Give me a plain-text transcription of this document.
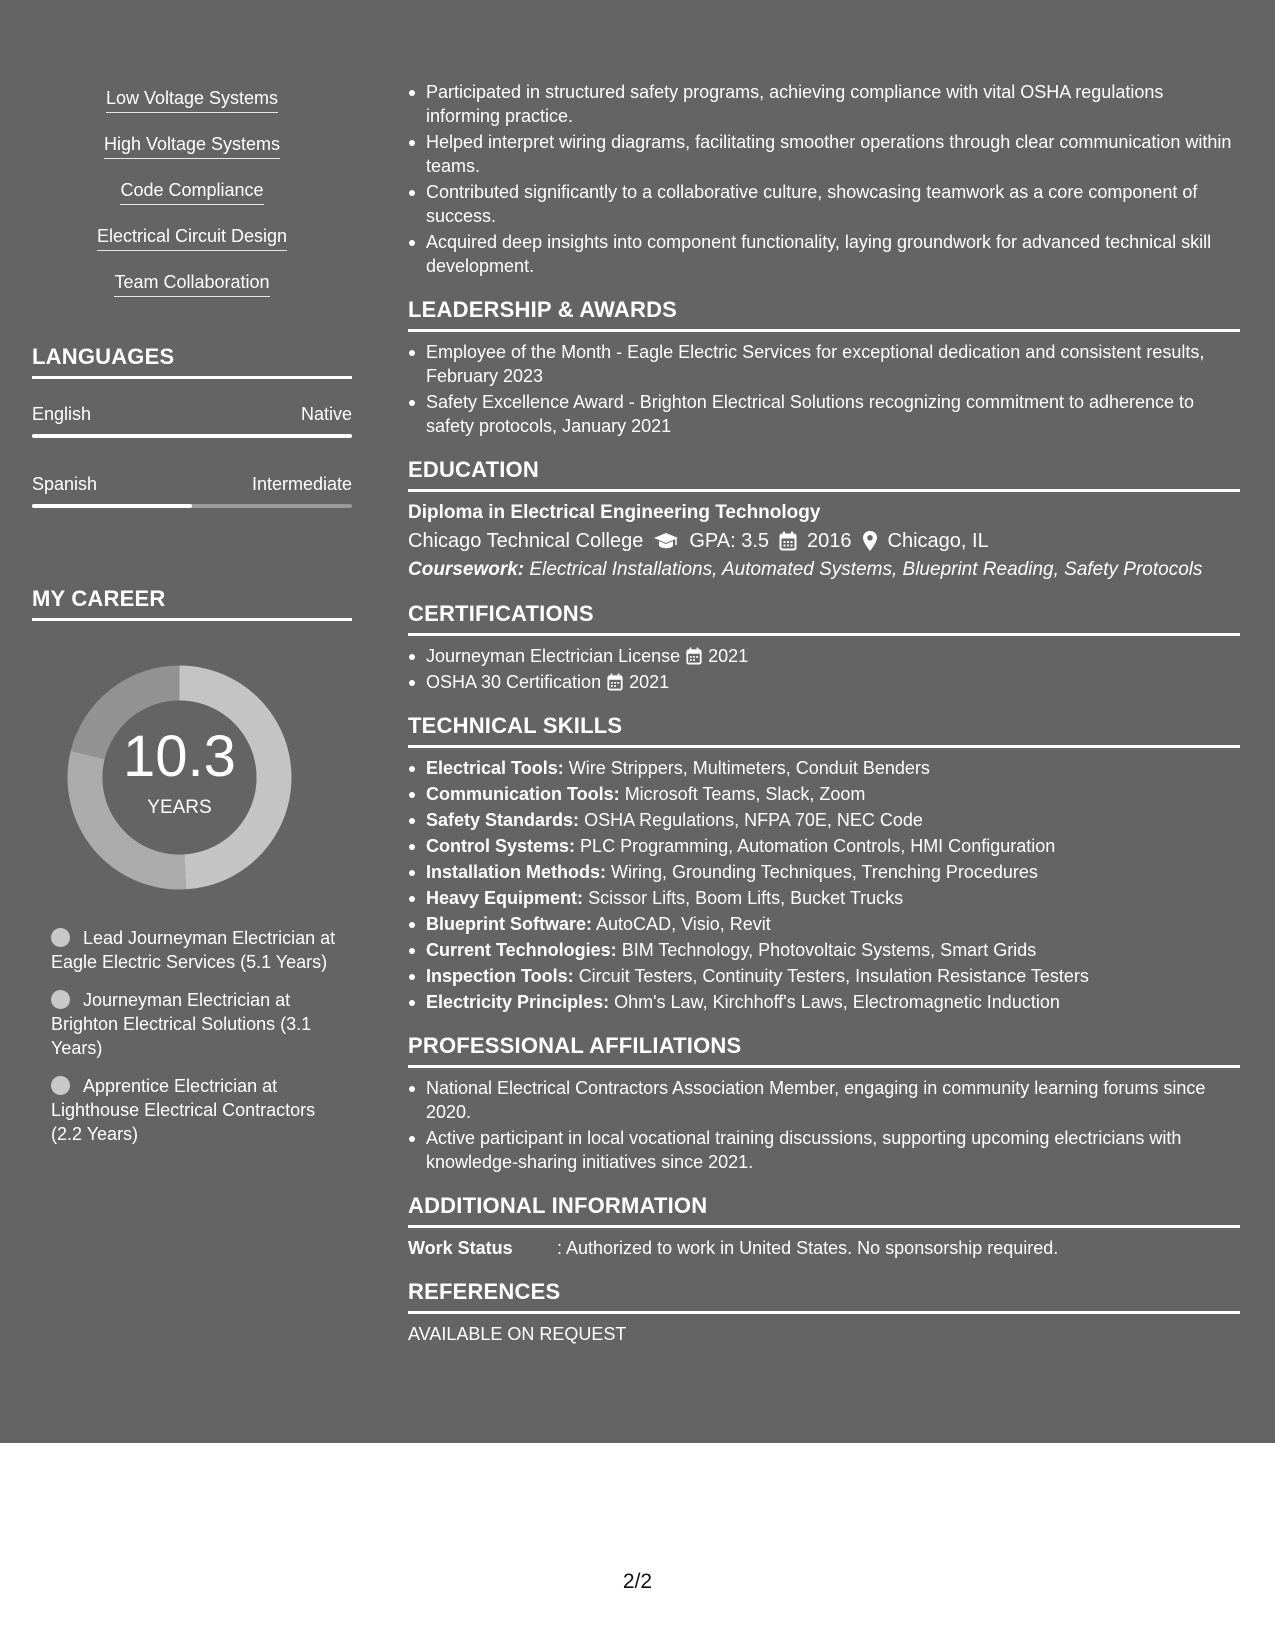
Low Voltage Systems
High Voltage Systems
Code Compliance
Electrical Circuit Design
Team Collaboration
LANGUAGES
English	Native
Spanish	Intermediate
MY CAREER
10.3
YEARS
Lead Journeyman Electrician at Eagle Electric Services (5.1 Years)
Journeyman Electrician at Brighton Electrical Solutions (3.1 Years)
Apprentice Electrician at Lighthouse Electrical Contractors (2.2 Years)
Participated in structured safety programs, achieving compliance with vital OSHA regulations informing practice.
Helped interpret wiring diagrams, facilitating smoother operations through clear communication within teams.
Contributed significantly to a collaborative culture, showcasing teamwork as a core component of success.
Acquired deep insights into component functionality, laying groundwork for advanced technical skill development.
LEADERSHIP & AWARDS
Employee of the Month - Eagle Electric Services for exceptional dedication and consistent results, February 2023
Safety Excellence Award - Brighton Electrical Solutions recognizing commitment to adherence to safety protocols, January 2021
EDUCATION
Diploma in Electrical Engineering Technology
Chicago Technical College GPA: 3.5 2016 Chicago, IL
Coursework: Electrical Installations, Automated Systems, Blueprint Reading, Safety Protocols
CERTIFICATIONS
Journeyman Electrician License 2021
OSHA 30 Certification 2021
TECHNICAL SKILLS
Electrical Tools: Wire Strippers, Multimeters, Conduit Benders
Communication Tools: Microsoft Teams, Slack, Zoom
Safety Standards: OSHA Regulations, NFPA 70E, NEC Code
Control Systems: PLC Programming, Automation Controls, HMI Configuration
Installation Methods: Wiring, Grounding Techniques, Trenching Procedures
Heavy Equipment: Scissor Lifts, Boom Lifts, Bucket Trucks
Blueprint Software: AutoCAD, Visio, Revit
Current Technologies: BIM Technology, Photovoltaic Systems, Smart Grids
Inspection Tools: Circuit Testers, Continuity Testers, Insulation Resistance Testers
Electricity Principles: Ohm's Law, Kirchhoff's Laws, Electromagnetic Induction
PROFESSIONAL AFFILIATIONS
National Electrical Contractors Association Member, engaging in community learning forums since 2020.
Active participant in local vocational training discussions, supporting upcoming electricians with knowledge-sharing initiatives since 2021.
ADDITIONAL INFORMATION
Work Status	: Authorized to work in United States. No sponsorship required.
REFERENCES
AVAILABLE ON REQUEST
2/2
